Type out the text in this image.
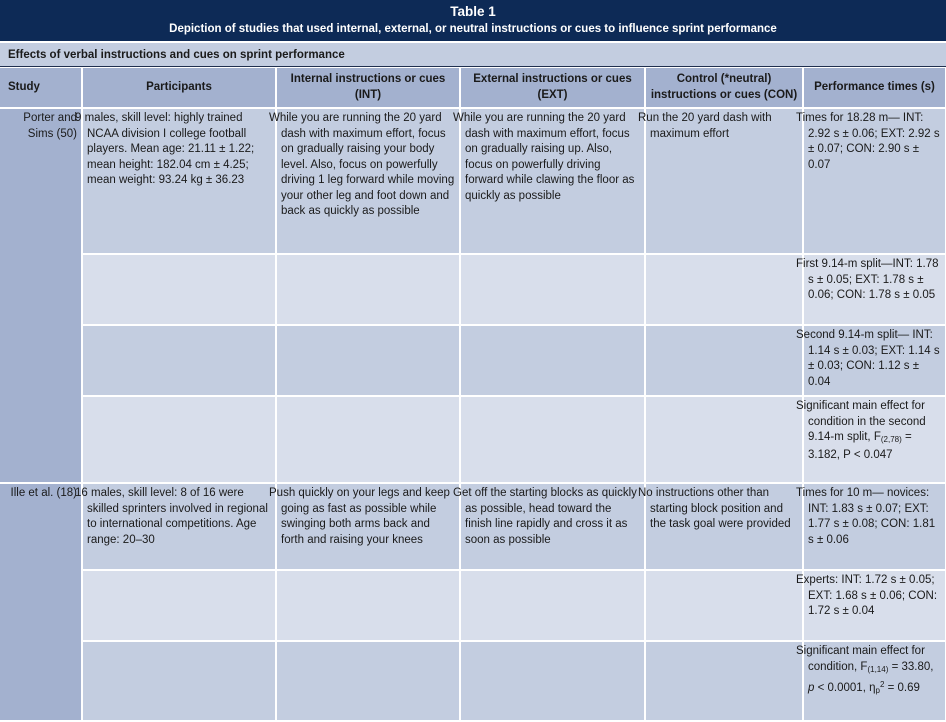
Table 1
Depiction of studies that used internal, external, or neutral instructions or cues to influence sprint performance
Effects of verbal instructions and cues on sprint performance
Study	Participants	Internal instructions or cues (INT)	External instructions or cues (EXT)	Control (*neutral) instructions or cues (CON)	Performance times (s)
Porter and Sims (50)	9 males, skill level: highly trained NCAA division I college football players. Mean age: 21.11 ± 1.22; mean height: 182.04 cm ± 4.25; mean weight: 93.24 kg ± 36.23	While you are running the 20 yard dash with maximum effort, focus on gradually raising your body level. Also, focus on powerfully driving 1 leg forward while moving your other leg and foot down and back as quickly as possible	While you are running the 20 yard dash with maximum effort, focus on gradually raising up. Also, focus on powerfully driving forward while clawing the floor as quickly as possible	Run the 20 yard dash with maximum effort	Times for 18.28 m— INT: 2.92 s ± 0.06; EXT: 2.92 s ± 0.07; CON: 2.90 s ± 0.07
					First 9.14-m split—INT: 1.78 s ± 0.05; EXT: 1.78 s ± 0.06; CON: 1.78 s ± 0.05
					Second 9.14-m split— INT: 1.14 s ± 0.03; EXT: 1.14 s ± 0.03; CON: 1.12 s ± 0.04
					Significant main effect for condition in the second 9.14-m split, $F_{(2,78)} = 3.182$, P < 0.047
Ille et al. (18)	16 males, skill level: 8 of 16 were skilled sprinters involved in regional to international competitions. Age range: 20–30	Push quickly on your legs and keep going as fast as possible while swinging both arms back and forth and raising your knees	Get off the starting blocks as quickly as possible, head toward the finish line rapidly and cross it as soon as possible	No instructions other than starting block position and the task goal were provided	Times for 10 m— novices: INT: 1.83 s ± 0.07; EXT: 1.77 s ± 0.08; CON: 1.81 s ± 0.06
					Experts: INT: 1.72 s ± 0.05; EXT: 1.68 s ± 0.06; CON: 1.72 s ± 0.04
					Significant main effect for condition, $F_{(1,14)} = 33.80$, p < 0.0001, $\eta_p^2 = 0.69$
